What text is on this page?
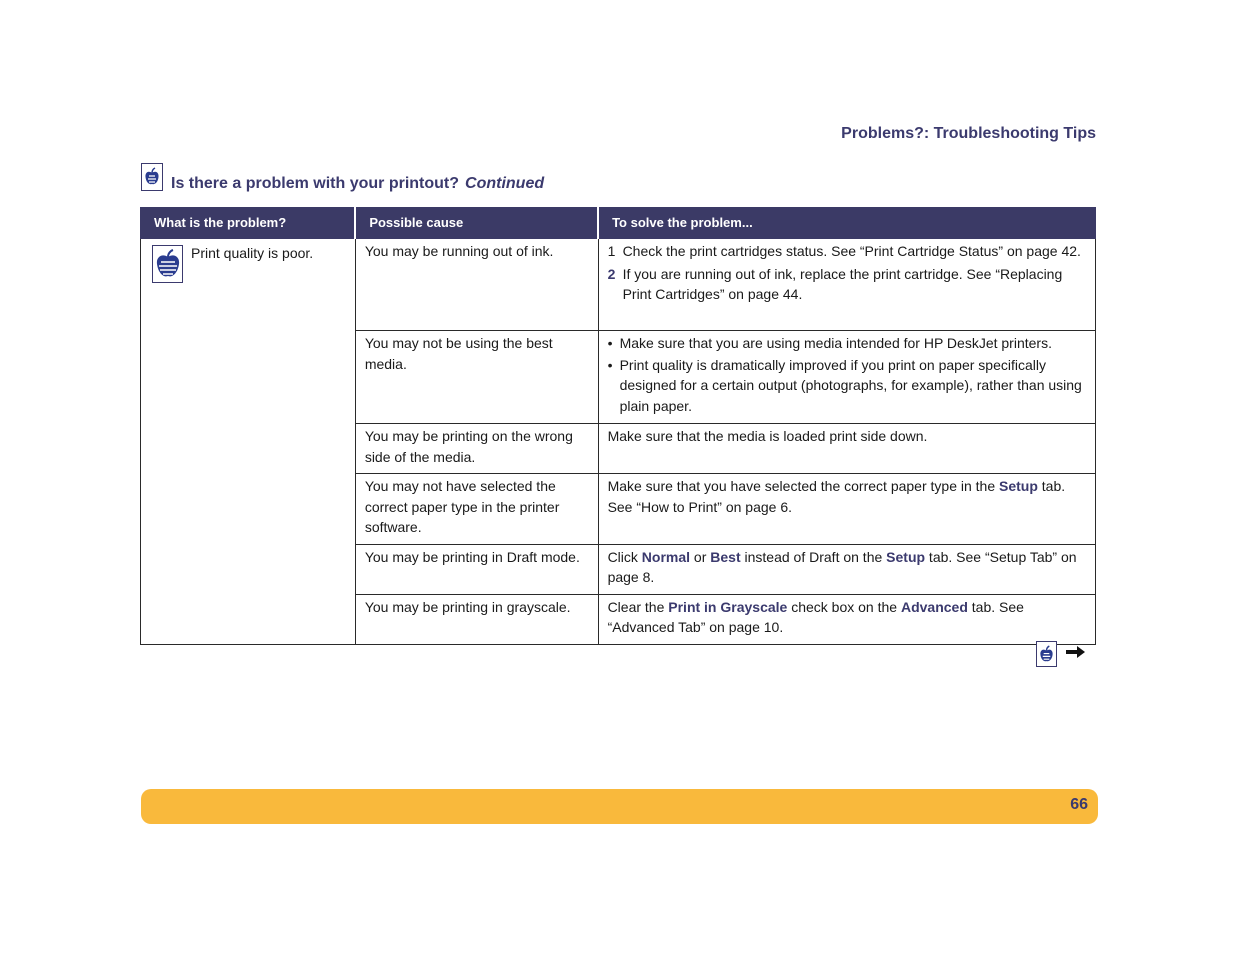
Problems?: Troubleshooting Tips
Is there a problem with your printout? Continued
What is the problem?	Possible cause	To solve the problem...

Print quality is poor.	You may be running out of ink.	1 Check the print cartridges status. See “Print Cartridge Status” on page 42.
2 If you are running out of ink, replace the print cartridge. See “Replacing Print Cartridges” on page 44.

	You may not be using the best media.	• Make sure that you are using media intended for HP DeskJet printers.
• Print quality is dramatically improved if you print on paper specifically designed for a certain output (photographs, for example), rather than using plain paper.

	You may be printing on the wrong side of the media.	Make sure that the media is loaded print side down.
	You may not have selected the correct paper type in the printer software.	Make sure that you have selected the correct paper type in the Setup tab. See “How to Print” on page 6.
	You may be printing in Draft mode.	Click Normal or Best instead of Draft on the Setup tab. See “Setup Tab” on page 8.
	You may be printing in grayscale.	Clear the Print in Grayscale check box on the Advanced tab. See “Advanced Tab” on page 10.
66
